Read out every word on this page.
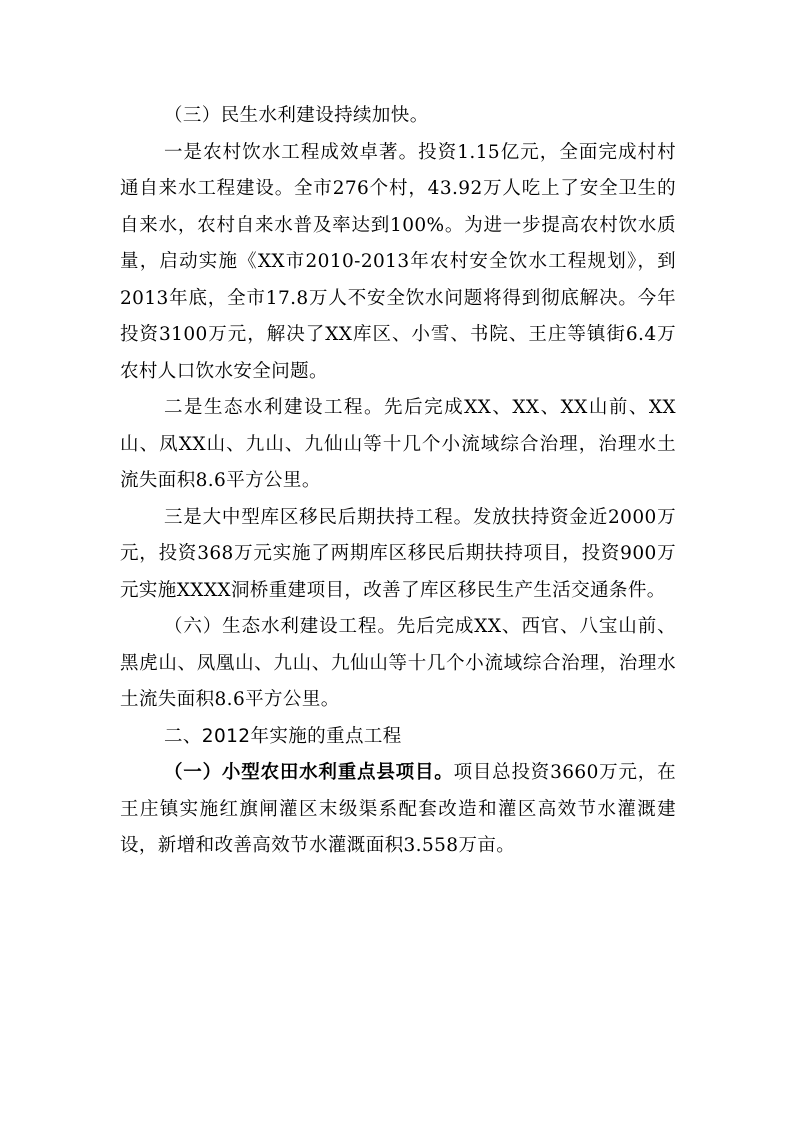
（三）民生水利建设持续加快。

一是农村饮水工程成效卓著。投资1.15亿元，全面完成村村通自来水工程建设。全市276个村，43.92万人吃上了安全卫生的自来水，农村自来水普及率达到100%。为进一步提高农村饮水质量，启动实施《XX市2010-2013年农村安全饮水工程规划》，到2013年底，全市17.8万人不安全饮水问题将得到彻底解决。今年投资3100万元，解决了XX库区、小雪、书院、王庄等镇街6.4万农村人口饮水安全问题。

二是生态水利建设工程。先后完成XX、XX、XX山前、XX山、凤XX山、九山、九仙山等十几个小流域综合治理，治理水土流失面积8.6平方公里。

三是大中型库区移民后期扶持工程。发放扶持资金近2000万元，投资368万元实施了两期库区移民后期扶持项目，投资900万元实施XXXX洞桥重建项目，改善了库区移民生产生活交通条件。

（六）生态水利建设工程。先后完成XX、西官、八宝山前、黑虎山、凤凰山、九山、九仙山等十几个小流域综合治理，治理水土流失面积8.6平方公里。

二、2012年实施的重点工程

（一）小型农田水利重点县项目。项目总投资3660万元，在王庄镇实施红旗闸灌区末级渠系配套改造和灌区高效节水灌溉建设，新增和改善高效节水灌溉面积3.558万亩。
